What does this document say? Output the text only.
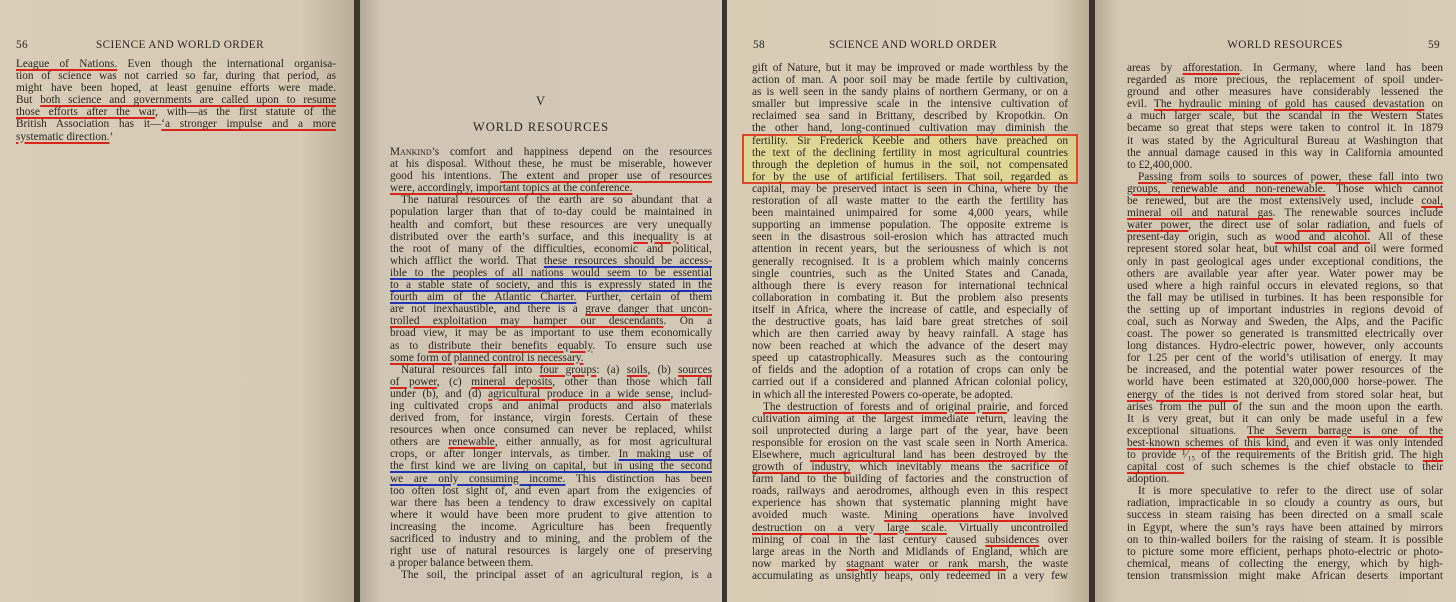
56	SCIENCE AND WORLD ORDER
League of Nations. Even though the international organisa-
tion of science was not carried so far, during that period, as
might have been hoped, at least genuine efforts were made.
But both science and governments are called upon to resume
those efforts after the war, with—as the first statute of the
British Association has it—‘a stronger impulse and a more
systematic direction.’
V
WORLD RESOURCES
Mankind’s comfort and happiness depend on the resources
at his disposal. Without these, he must be miserable, however
good his intentions. The extent and proper use of resources
were, accordingly, important topics at the conference.
The natural resources of the earth are so abundant that a
population larger than that of to-day could be maintained in
health and comfort, but these resources are very unequally
distributed over the earth’s surface, and this inequality is at
the root of many of the difficulties, economic and political,
which afflict the world. That these resources should be access-
ible to the peoples of all nations would seem to be essential
to a stable state of society, and this is expressly stated in the
fourth aim of the Atlantic Charter. Further, certain of them
are not inexhaustible, and there is a grave danger that uncon-
trolled exploitation may hamper our descendants. On a
broad view, it may be as important to use them economically
as to distribute their benefits equably. To ensure such use
some form of planned control is necessary.
Natural resources fall into four groups: (a) soils, (b) sources
of power, (c) mineral deposits, other than those which fall
under (b), and (d) agricultural produce in a wide sense, includ-
ing cultivated crops and animal products and also materials
derived from, for instance, virgin forests. Certain of these
resources when once consumed can never be replaced, whilst
others are renewable, either annually, as for most agricultural
crops, or after longer intervals, as timber. In making use of
the first kind we are living on capital, but in using the second
we are only consuming income. This distinction has been
too often lost sight of, and even apart from the exigencies of
war there has been a tendency to draw excessively on capital
where it would have been more prudent to give attention to
increasing the income. Agriculture has been frequently
sacrificed to industry and to mining, and the problem of the
right use of natural resources is largely one of preserving
a proper balance between them.
The soil, the principal asset of an agricultural region, is a
58	SCIENCE AND WORLD ORDER
gift of Nature, but it may be improved or made worthless by the
action of man. A poor soil may be made fertile by cultivation,
as is well seen in the sandy plains of northern Germany, or on a
smaller but impressive scale in the intensive cultivation of
reclaimed sea sand in Brittany, described by Kropotkin. On
the other hand, long-continued cultivation may diminish the
fertility. Sir Frederick Keeble and others have preached on
the text of the declining fertility in most agricultural countries
through the depletion of humus in the soil, not compensated
for by the use of artificial fertilisers. That soil, regarded as
capital, may be preserved intact is seen in China, where by the
restoration of all waste matter to the earth the fertility has
been maintained unimpaired for some 4,000 years, while
supporting an immense population. The opposite extreme is
seen in the disastrous soil-erosion which has attracted much
attention in recent years, but the seriousness of which is not
generally recognised. It is a problem which mainly concerns
single countries, such as the United States and Canada,
although there is every reason for international technical
collaboration in combating it. But the problem also presents
itself in Africa, where the increase of cattle, and especially of
the destructive goats, has laid bare great stretches of soil
which are then carried away by heavy rainfall. A stage has
now been reached at which the advance of the desert may
speed up catastrophically. Measures such as the contouring
of fields and the adoption of a rotation of crops can only be
carried out if a considered and planned African colonial policy,
in which all the interested Powers co-operate, be adopted.
The destruction of forests and of original prairie, and forced
cultivation aiming at the largest immediate return, leaving the
soil unprotected during a large part of the year, have been
responsible for erosion on the vast scale seen in North America.
Elsewhere, much agricultural land has been destroyed by the
growth of industry, which inevitably means the sacrifice of
farm land to the building of factories and the construction of
roads, railways and aerodromes, although even in this respect
experience has shown that systematic planning might have
avoided much waste. Mining operations have involved
destruction on a very large scale. Virtually uncontrolled
mining of coal in the last century caused subsidences over
large areas in the North and Midlands of England, which are
now marked by stagnant water or rank marsh, the waste
accumulating as unsightly heaps, only redeemed in a very few
WORLD RESOURCES	59
areas by afforestation. In Germany, where land has been
regarded as more precious, the replacement of spoil under-
ground and other measures have considerably lessened the
evil. The hydraulic mining of gold has caused devastation on
a much larger scale, but the scandal in the Western States
became so great that steps were taken to control it. In 1879
it was stated by the Agricultural Bureau at Washington that
the annual damage caused in this way in California amounted
to £2,400,000.
Passing from soils to sources of power, these fall into two
groups, renewable and non-renewable. Those which cannot
be renewed, but are the most extensively used, include coal,
mineral oil and natural gas. The renewable sources include
water power, the direct use of solar radiation, and fuels of
present-day origin, such as wood and alcohol. All of these
represent stored solar heat, but whilst coal and oil were formed
only in past geological ages under exceptional conditions, the
others are available year after year. Water power may be
used where a high rainful occurs in elevated regions, so that
the fall may be utilised in turbines. It has been responsible for
the setting up of important industries in regions devoid of
coal, such as Norway and Sweden, the Alps, and the Pacific
coast. The power so generated is transmitted electrically over
long distances. Hydro-electric power, however, only accounts
for 1.25 per cent of the world’s utilisation of energy. It may
be increased, and the potential water power resources of the
world have been estimated at 320,000,000 horse-power. The
energy of the tides is not derived from stored solar heat, but
arises from the pull of the sun and the moon upon the earth.
It is very great, but it can only be made useful in a few
exceptional situations. The Severn barrage is one of the
best-known schemes of this kind, and even it was only intended
to provide ¹⁄₁₅ of the requirements of the British grid. The high
capital cost of such schemes is the chief obstacle to their
adoption.
It is more speculative to refer to the direct use of solar
radiation, impracticable in so cloudy a country as ours, but
success in steam raising has been directed on a small scale
in Egypt, where the sun’s rays have been attained by mirrors
on to thin-walled boilers for the raising of steam. It is possible
to picture some more efficient, perhaps photo-electric or photo-
chemical, means of collecting the energy, which by high-
tension transmission might make African deserts important
